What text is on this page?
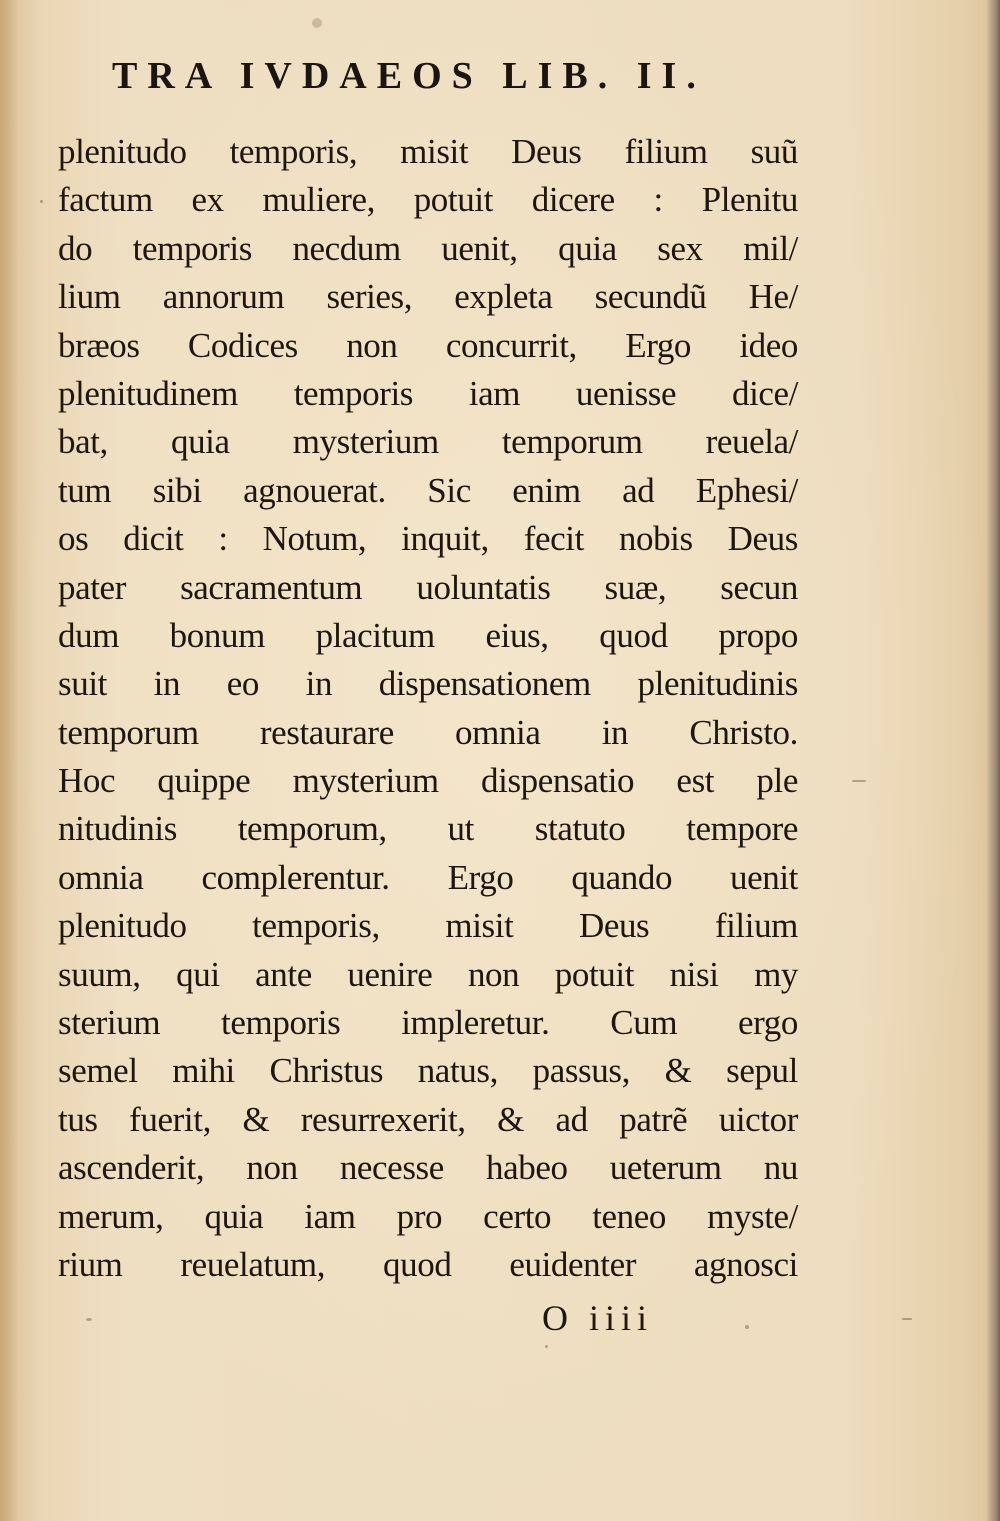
TRA IVDAEOS LIB. II.
plenitudo temporis, misit Deus filium suũ
factum ex muliere, potuit dicere : Plenitu
do temporis necdum uenit, quia sex mil/
lium annorum series, expleta secundũ He/
bræos Codices non concurrit, Ergo ideo
plenitudinem temporis iam uenisse dice/
bat, quia mysterium temporum reuela/
tum sibi agnouerat. Sic enim ad Ephesi/
os dicit : Notum, inquit, fecit nobis Deus
pater sacramentum uoluntatis suæ, secun
dum bonum placitum eius, quod propo
suit in eo in dispensationem plenitudinis
temporum restaurare omnia in Christo.
Hoc quippe mysterium dispensatio est ple
nitudinis temporum, ut statuto tempore
omnia complerentur. Ergo quando uenit
plenitudo temporis, misit Deus filium
suum, qui ante uenire non potuit nisi my
sterium temporis impleretur. Cum ergo
semel mihi Christus natus, passus, & sepul
tus fuerit, & resurrexerit, & ad patrẽ uictor
ascenderit, non necesse habeo ueterum nu
merum, quia iam pro certo teneo myste/
rium reuelatum, quod euidenter agnosci
O iiii
